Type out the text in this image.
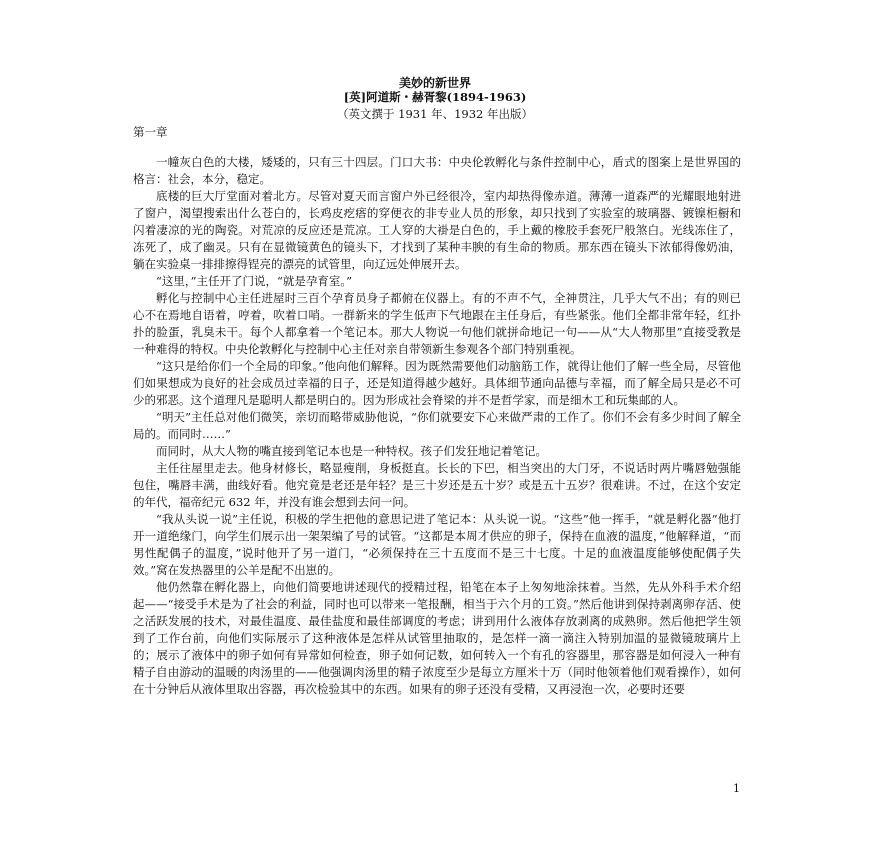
美妙的新世界
[英]阿道斯・赫胥黎(1894-1963)
（英文撰于 1931 年、1932 年出版）
第一章

一幢灰白色的大楼，矮矮的，只有三十四层。门口大书：中央伦敦孵化与条件控制中心，盾式的图案上是世界国的格言：社会，本分，稳定。

底楼的巨大厅堂面对着北方。尽管对夏天而言窗户外已经很冷，室内却热得像赤道。薄薄一道森严的光耀眼地射进了窗户，渴望搜索出什么苍白的，长鸡皮疙瘩的穿便衣的非专业人员的形象，却只找到了实验室的玻璃器、镀镍柜橱和闪着凄凉的光的陶瓷。对荒凉的反应还是荒凉。工人穿的大褂是白色的，手上戴的橡胶手套死尸般煞白。光线冻住了，冻死了，成了幽灵。只有在显微镜黄色的镜头下，才找到了某种丰腴的有生命的物质。那东西在镜头下浓郁得像奶油，躺在实验桌一排排擦得锃亮的漂亮的试管里，向辽远处伸展开去。

“这里，”主任开了门说，“就是孕育室。”

孵化与控制中心主任进屋时三百个孕育员身子都俯在仪器上。有的不声不气，全神贯注，几乎大气不出；有的则已心不在焉地自语着，哼着，吹着口哨。一群新来的学生低声下气地跟在主任身后，有些紧张。他们全都非常年轻，红扑扑的脸蛋，乳臭未干。每个人都拿着一个笔记本。那大人物说一句他们就拼命地记一句——从“大人物那里”直接受教是一种难得的特权。中央伦敦孵化与控制中心主任对亲自带领新生参观各个部门特别重视。

“这只是给你们一个全局的印象。”他向他们解释。因为既然需要他们动脑筋工作，就得让他们了解一些全局，尽管他们如果想成为良好的社会成员过幸福的日子，还是知道得越少越好。具体细节通向品德与幸福，而了解全局只是必不可少的邪恶。这个道理凡是聪明人都是明白的。因为形成社会脊梁的并不是哲学家，而是细木工和玩集邮的人。

“明天”主任总对他们微笑，亲切而略带威胁他说，“你们就要安下心来做严肃的工作了。你们不会有多少时间了解全局的。而同时……”

而同时，从大人物的嘴直接到笔记本也是一种特权。孩子们发狂地记着笔记。

主任往屋里走去。他身材修长，略显瘦削，身板挺直。长长的下巴，相当突出的大门牙，不说话时两片嘴唇勉强能包住，嘴唇丰满，曲线好看。他究竟是老还是年轻？是三十岁还是五十岁？或是五十五岁？很难讲。不过，在这个安定的年代，福帝纪元 632 年，并没有谁会想到去问一问。

“我从头说一说”主任说，积极的学生把他的意思记进了笔记本：从头说一说。“这些”他一挥手，“就是孵化器”他打开一道绝缘门，向学生们展示出一架架编了号的试管。“这都是本周才供应的卵子，保持在血液的温度，”他解释道，“而男性配偶子的温度，”说时他开了另一道门，“必须保持在三十五度而不是三十七度。十足的血液温度能够使配偶子失效。”窝在发热器里的公羊是配不出崽的。

他仍然靠在孵化器上，向他们简要地讲述现代的授精过程，铅笔在本子上匆匆地涂抹着。当然，先从外科手术介绍起——“接受手术是为了社会的利益，同时也可以带来一笔报酬，相当于六个月的工资。”然后他讲到保持剥离卵存活、使之活跃发展的技术，对最佳温度、最佳盐度和最佳部调度的考虑；讲到用什么液体存放剥离的成熟卵。然后他把学生领到了工作台前，向他们实际展示了这种液体是怎样从试管里抽取的，是怎样一滴一滴注入特别加温的显微镜玻璃片上的；展示了液体中的卵子如何有异常如何检查，卵子如何记数，如何转入一个有孔的容器里，那容器是如何浸入一种有精子自由游动的温暖的肉汤里的——他强调肉汤里的精子浓度至少是每立方厘米十万（同时他领着他们观看操作），如何在十分钟后从液体里取出容器，再次检验其中的东西。如果有的卵子还没有受精，又再浸泡一次，必要时还要

1
